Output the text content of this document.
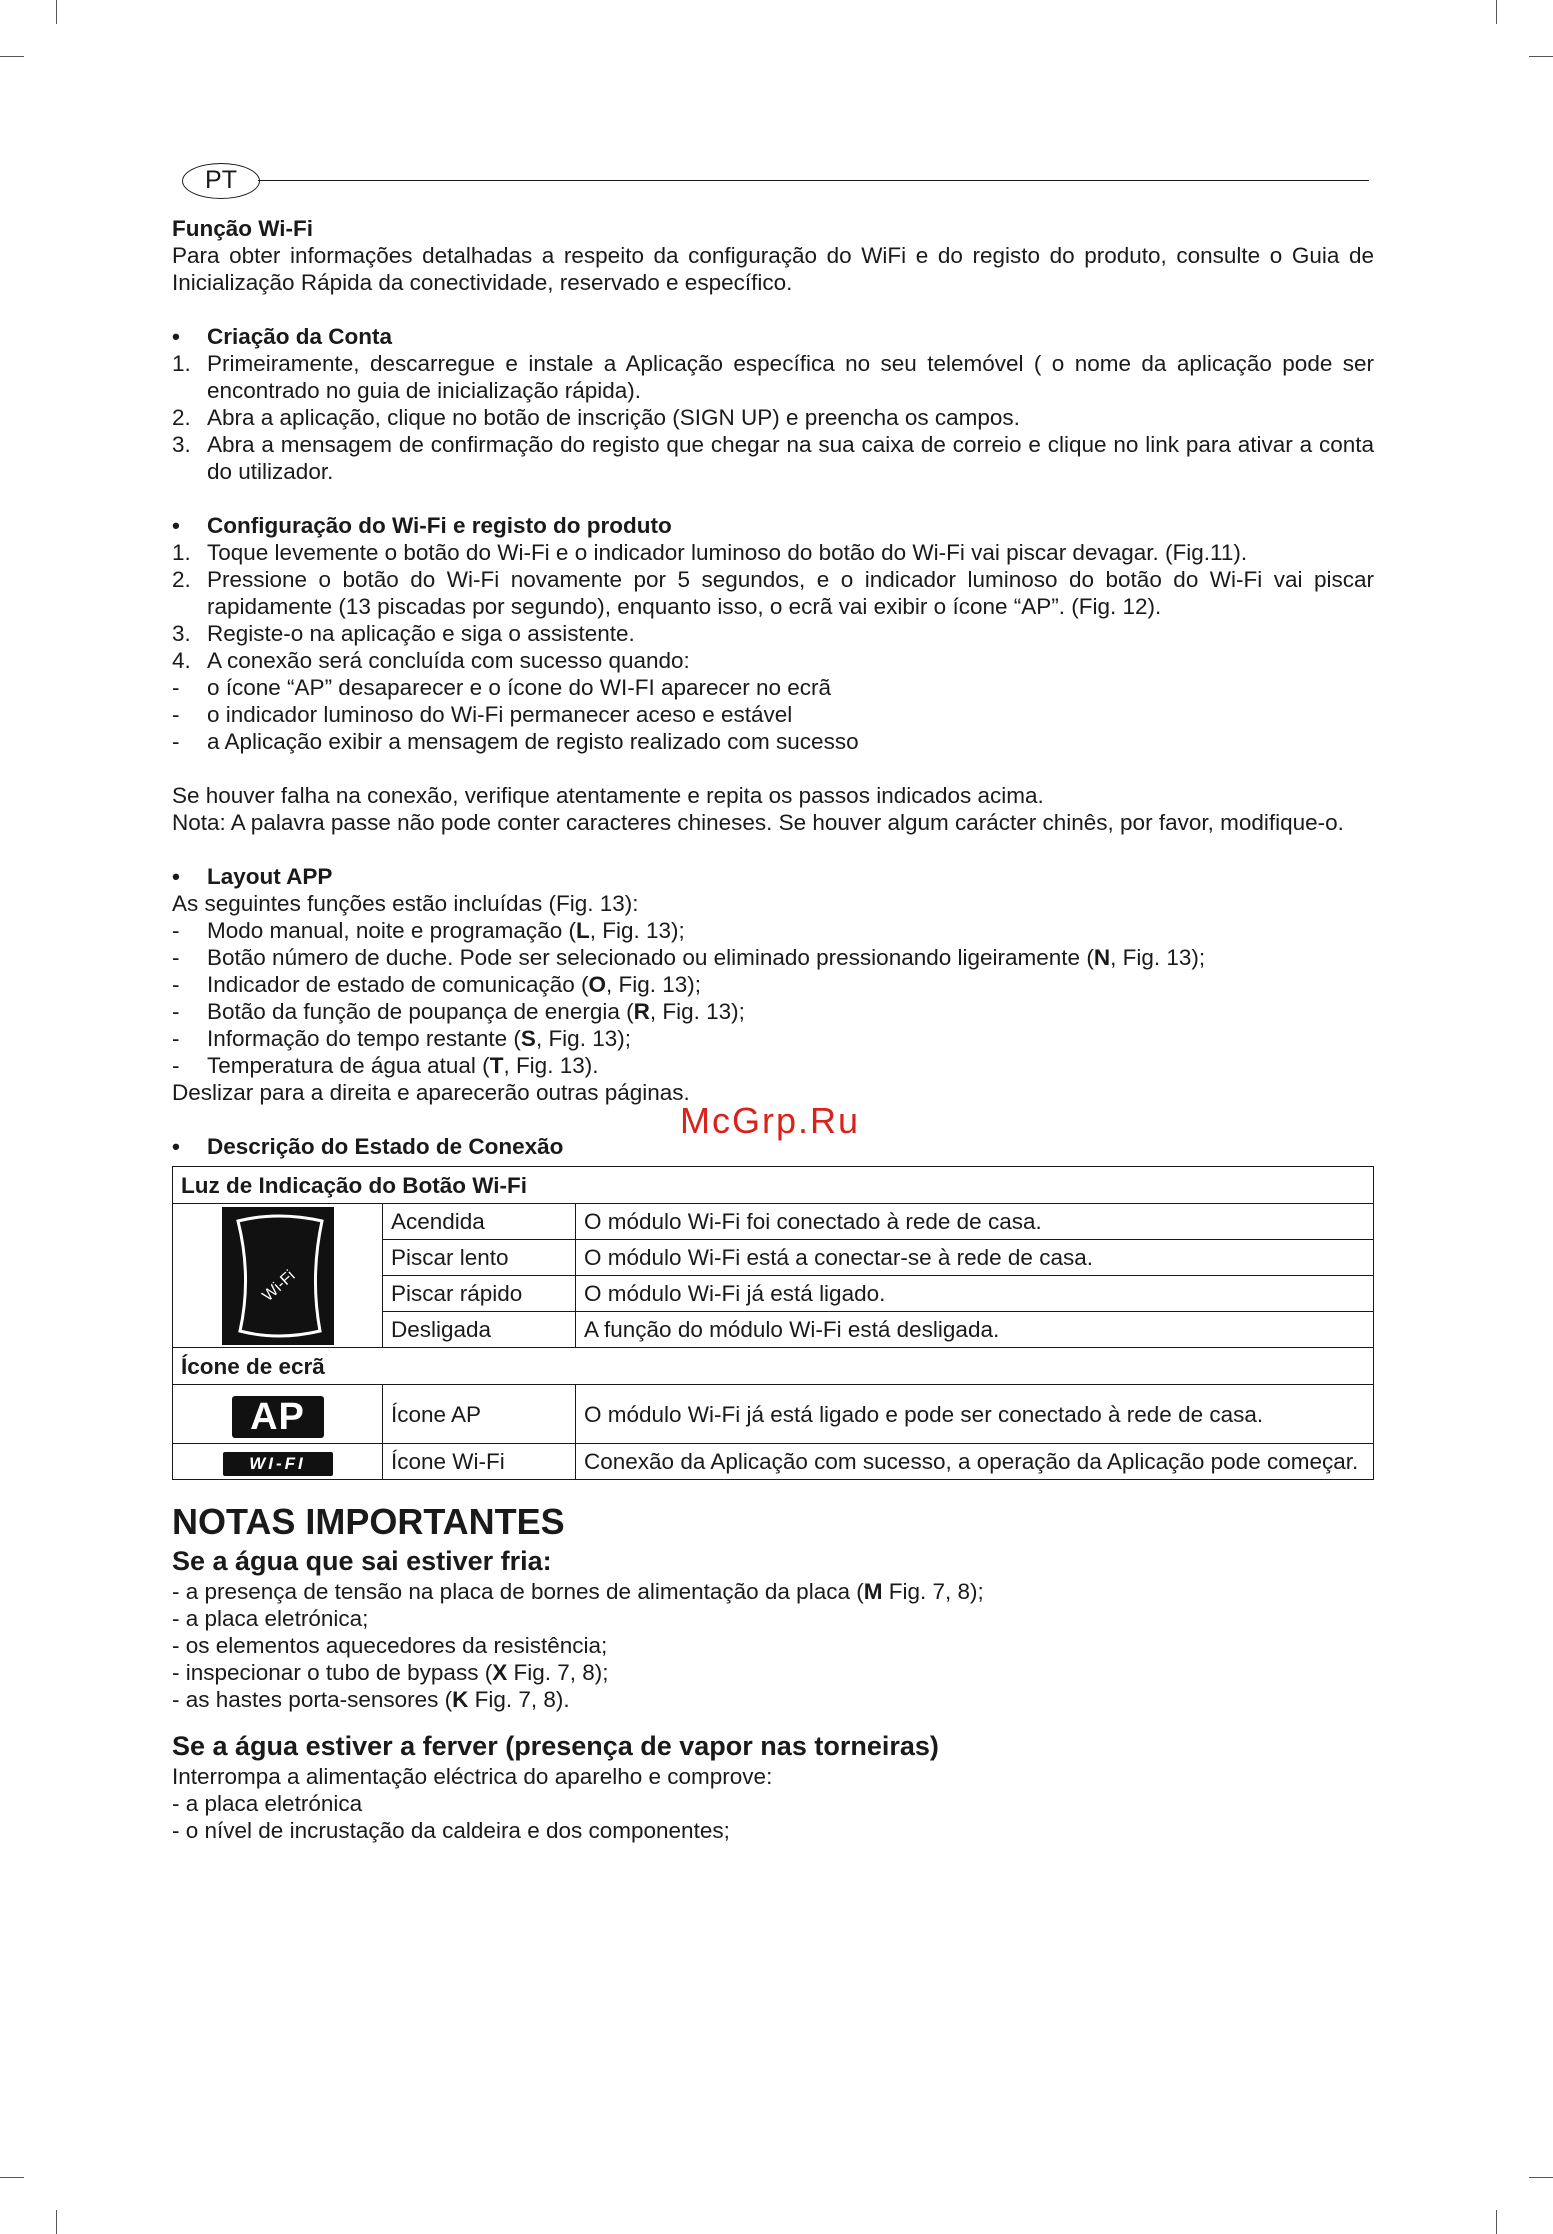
PT
McGrp.Ru

Função Wi-Fi

Para obter informações detalhadas a respeito da configuração do WiFi e do registo do produto, consulte o Guia de Inicialização Rápida da conectividade, reservado e específico.

• Criação da Conta

1. Primeiramente, descarregue e instale a Aplicação específica no seu telemóvel ( o nome da aplicação pode ser encontrado no guia de inicialização rápida).

2. Abra a aplicação, clique no botão de inscrição (SIGN UP) e preencha os campos.

3. Abra a mensagem de confirmação do registo que chegar na sua caixa de correio e clique no link para ativar a conta do utilizador.

• Configuração do Wi-Fi e registo do produto

1. Toque levemente o botão do Wi-Fi e o indicador luminoso do botão do Wi-Fi vai piscar devagar. (Fig.11).

2. Pressione o botão do Wi-Fi novamente por 5 segundos, e o indicador luminoso do botão do Wi-Fi vai piscar rapidamente (13 piscadas por segundo), enquanto isso, o ecrã vai exibir o ícone “AP”. (Fig. 12).

3. Registe-o na aplicação e siga o assistente.

4. A conexão será concluída com sucesso quando:

- o ícone “AP” desaparecer e o ícone do WI-FI aparecer no ecrã

- o indicador luminoso do Wi-Fi permanecer aceso e estável

- a Aplicação exibir a mensagem de registo realizado com sucesso

Se houver falha na conexão, verifique atentamente e repita os passos indicados acima.

Nota: A palavra passe não pode conter caracteres chineses. Se houver algum carácter chinês, por favor, modifique-o.

• Layout APP

As seguintes funções estão incluídas (Fig. 13):

- Modo manual, noite e programação (L, Fig. 13);

- Botão número de duche. Pode ser selecionado ou eliminado pressionando ligeiramente (N, Fig. 13);

- Indicador de estado de comunicação (O, Fig. 13);

- Botão da função de poupança de energia (R, Fig. 13);

- Informação do tempo restante (S, Fig. 13);

- Temperatura de água atual (T, Fig. 13).

Deslizar para a direita e aparecerão outras páginas.

• Descrição do Estado de Conexão

Luz de Indicação do Botão Wi-Fi		

Wi-Fi	Acendida	O módulo Wi-Fi foi conectado à rede de casa.
	Piscar lento	O módulo Wi-Fi está a conectar-se à rede de casa.
	Piscar rápido	O módulo Wi-Fi já está ligado.
	Desligada	A função do módulo Wi-Fi está desligada.
Ícone de ecrã		
AP	Ícone AP	O módulo Wi-Fi já está ligado e pode ser conectado à rede de casa.
WI-FI	Ícone Wi-Fi	Conexão da Aplicação com sucesso, a operação da Aplicação pode começar.

NOTAS IMPORTANTES

Se a água que sai estiver fria:

- a presença de tensão na placa de bornes de alimentação da placa (M Fig. 7, 8);

- a placa eletrónica;

- os elementos aquecedores da resistência;

- inspecionar o tubo de bypass (X Fig. 7, 8);

- as hastes porta-sensores (K Fig. 7, 8).

Se a água estiver a ferver (presença de vapor nas torneiras)

Interrompa a alimentação eléctrica do aparelho e comprove:

- a placa eletrónica

- o nível de incrustação da caldeira e dos componentes;
